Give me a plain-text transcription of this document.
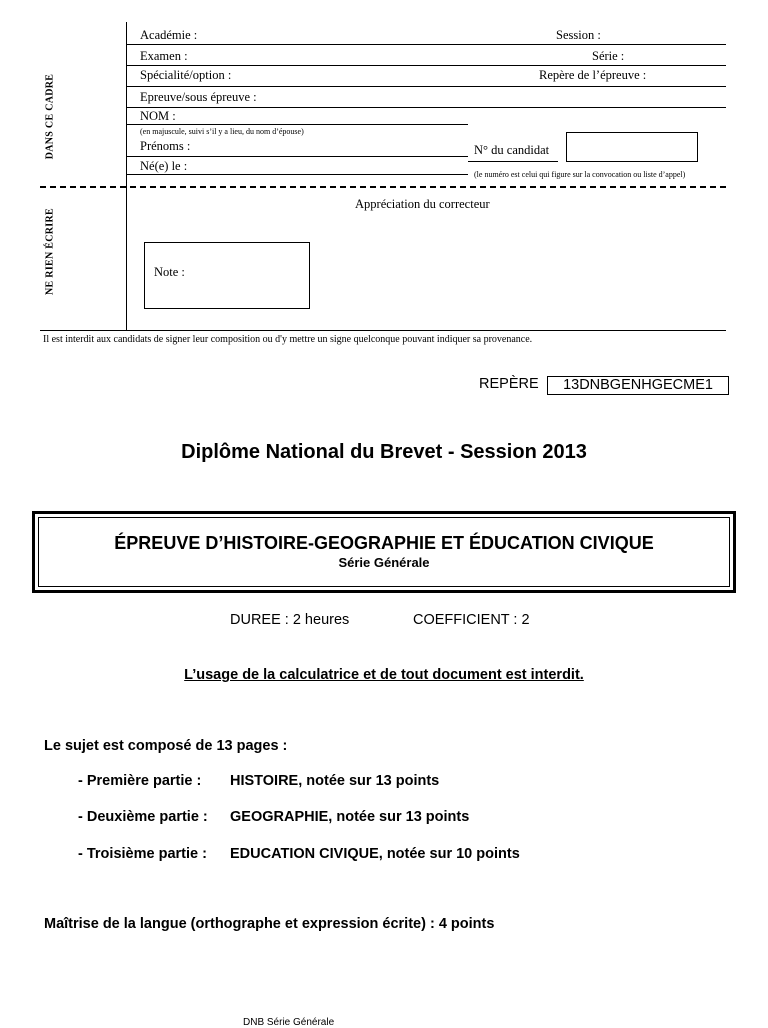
Académie :	Session :
Examen :	Série :
Spécialité/option :	Repère de l’épreuve :
Epreuve/sous épreuve :
NOM :
(en majuscule, suivi s’il y a lieu, du nom d’épouse)
Prénoms :	N° du candidat
Né(e) le :
(le numéro est celui qui figure sur la convocation ou liste d’appel)
DANS CE CADRE
NE RIEN ÉCRIRE
Appréciation du correcteur
Note :
Il est interdit aux candidats de signer leur composition ou d'y mettre un signe quelconque pouvant indiquer sa provenance.
REPÈRE	13DNBGENHGECME1
Diplôme National du Brevet - Session 2013
ÉPREUVE D’HISTOIRE-GEOGRAPHIE ET ÉDUCATION CIVIQUE
Série Générale
DUREE : 2 heures	COEFFICIENT : 2
L’usage de la calculatrice et de tout document est interdit.
Le sujet est composé de 13 pages :
- Première partie : HISTOIRE, notée sur 13 points
- Deuxième partie : GEOGRAPHIE, notée sur 13 points
- Troisième partie : EDUCATION CIVIQUE, notée sur 10 points
Maîtrise de la langue (orthographe et expression écrite) : 4 points
DNB Série Générale
